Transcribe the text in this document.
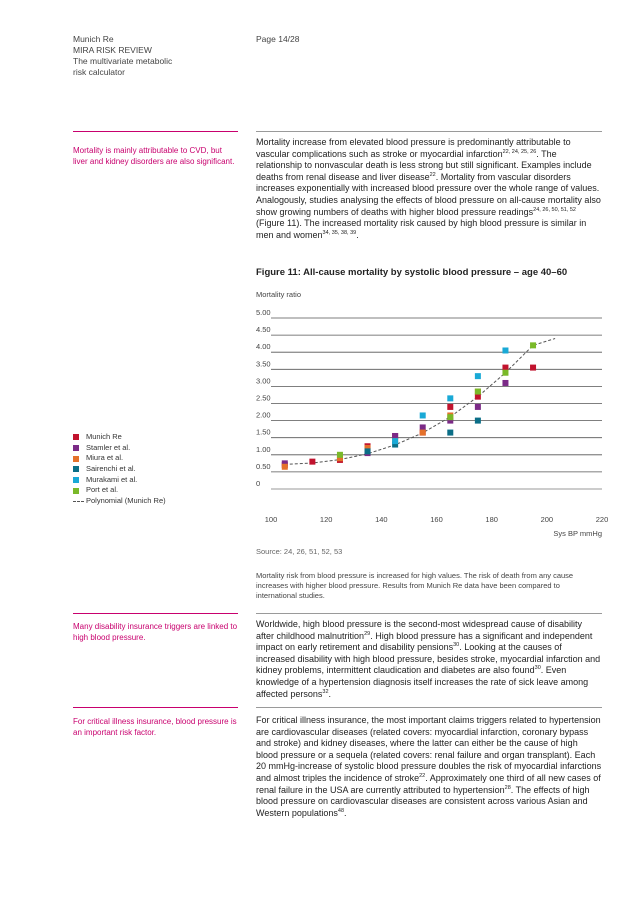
Munich Re
MIRA RISK REVIEW
The multivariate metabolic
risk calculator
Page 14/28
Mortality is mainly attributable to CVD, but liver and kidney disorders are also significant.
Many disability insurance triggers are linked to high blood pressure.
For critical illness insurance, blood pressure is an important risk factor.
Mortality increase from elevated blood pressure is predominantly attributable to vascular complications such as stroke or myocardial infarction$^{22, 24, 25, 26}$. The relationship to nonvascular death is less strong but still significant. Examples include deaths from renal disease and liver disease$^{22}$. Mortality from vascular disorders increases exponentially with increased blood pressure over the whole range of values. Analogously, studies analysing the effects of blood pressure on all-cause mortality also show growing numbers of deaths with higher blood pressure readings$^{24, 26, 50, 51, 52}$ (Figure 11). The increased mortality risk caused by high blood pressure is similar in men and women$^{34, 35, 38, 39}$.
Figure 11: All-cause mortality by systolic blood pressure – age 40–60
Mortality ratio
0
0.50
1.00
1.50
2.00
2.50
3.00
3.50
4.00
4.50
5.00
100	120	140	160	180	200	220
Sys BP mmHg
Munich Re
Stamler et al.
Miura et al.
Sairenchi et al.
Murakami et al.
Port et al.
Polynomial (Munich Re)
Source: 24, 26, 51, 52, 53
Mortality risk from blood pressure is increased for high values. The risk of death from any cause increases with higher blood pressure. Results from Munich Re data have been compared to international studies.
Worldwide, high blood pressure is the second-most widespread cause of disability after childhood malnutrition$^{29}$. High blood pressure has a significant and independent impact on early retirement and disability pensions$^{30}$. Looking at the causes of increased disability with high blood pressure, besides stroke, myocardial infarction and kidney problems, intermittent claudication and diabetes are also found$^{30}$. Even knowledge of a hypertension diagnosis itself increases the rate of sick leave among affected persons$^{32}$.
For critical illness insurance, the most important claims triggers related to hypertension are cardiovascular diseases (related covers: myocardial infarction, coronary bypass and stroke) and kidney diseases, where the latter can either be the cause of high blood pressure or a sequela (related covers: renal failure and organ transplant). Each 20 mmHg-increase of systolic blood pressure doubles the risk of myocardial infarctions and almost triples the incidence of stroke$^{22}$. Approximately one third of all new cases of renal failure in the USA are currently attributed to hypertension$^{28}$. The effects of high blood pressure on cardiovascular diseases are consistent across various Asian and Western populations$^{48}$.
